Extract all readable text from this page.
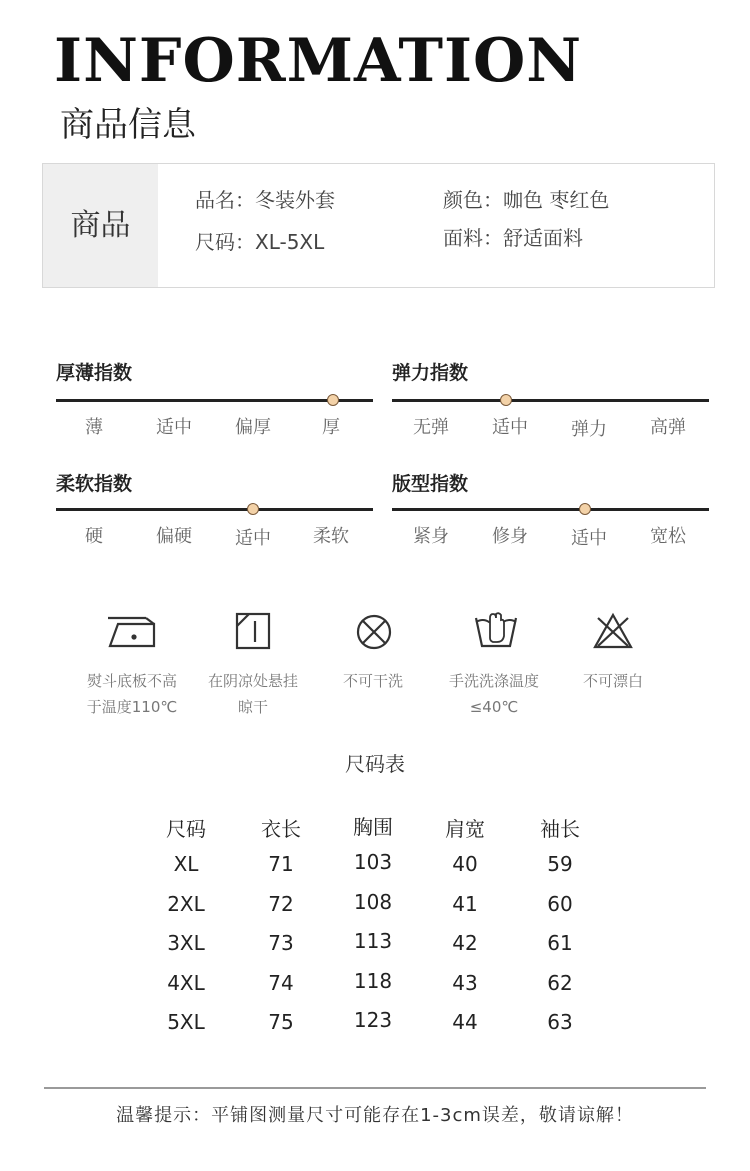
INFORMATION
商品信息
商品
品名：冬装外套
尺码：XL-5XL
颜色：咖色 枣红色
面料：舒适面料
厚薄指数
薄	适中	偏厚	厚
弹力指数
无弹	适中	弹力	高弹
柔软指数
硬	偏硬	适中	柔软
版型指数
紧身	修身	适中	宽松
熨斗底板不高
于温度110℃
在阴凉处悬挂
晾干
不可干洗	手洗洗涤温度
≤40℃
不可漂白
尺码表
尺码	衣长	胸围	肩宽	袖长
XL	71	103	40	59
2XL	72	108	41	60
3XL	73	113	42	61
4XL	74	118	43	62
5XL	75	123	44	63
温馨提示：平铺图测量尺寸可能存在1-3cm误差，敬请谅解！
